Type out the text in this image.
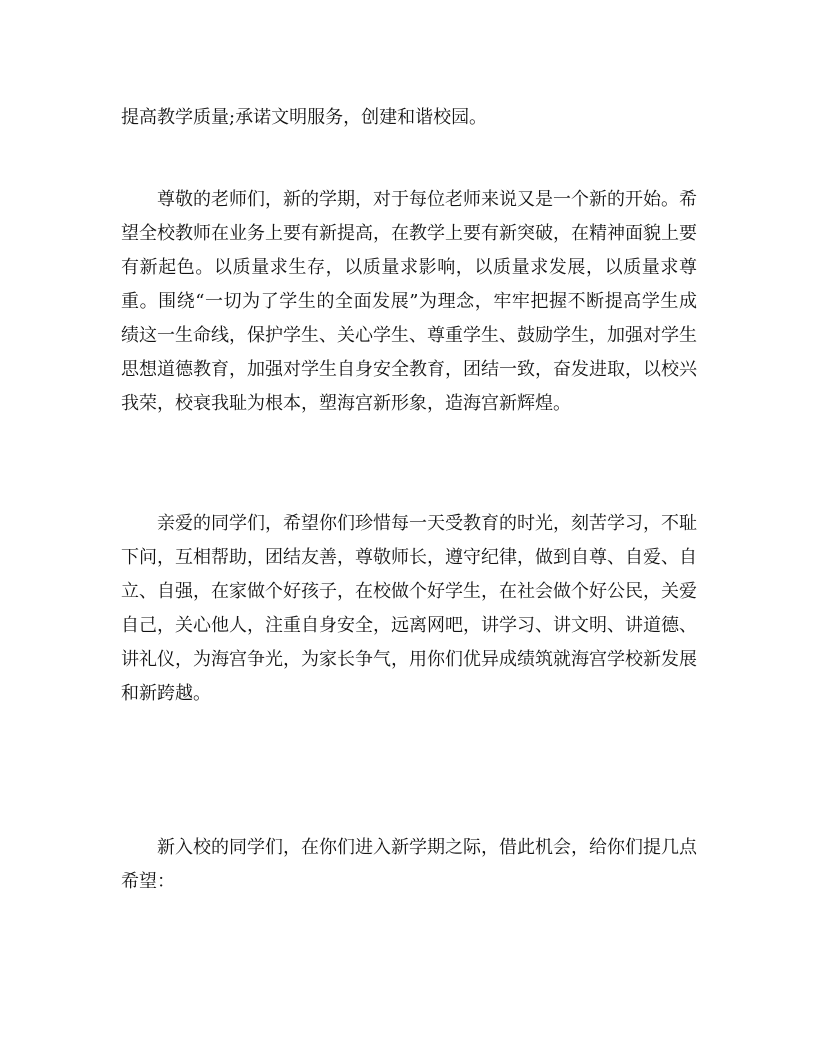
提高教学质量;承诺文明服务，创建和谐校园。

尊敬的老师们，新的学期，对于每位老师来说又是一个新的开始。希望全校教师在业务上要有新提高，在教学上要有新突破，在精神面貌上要有新起色。以质量求生存，以质量求影响，以质量求发展，以质量求尊重。围绕“一切为了学生的全面发展”为理念，牢牢把握不断提高学生成绩这一生命线，保护学生、关心学生、尊重学生、鼓励学生，加强对学生思想道德教育，加强对学生自身安全教育，团结一致，奋发进取，以校兴我荣，校衰我耻为根本，塑海宫新形象，造海宫新辉煌。

亲爱的同学们，希望你们珍惜每一天受教育的时光，刻苦学习，不耻下问，互相帮助，团结友善，尊敬师长，遵守纪律，做到自尊、自爱、自立、自强，在家做个好孩子，在校做个好学生，在社会做个好公民，关爱自己，关心他人，注重自身安全，远离网吧，讲学习、讲文明、讲道德、讲礼仪，为海宫争光，为家长争气，用你们优异成绩筑就海宫学校新发展和新跨越。

新入校的同学们，在你们进入新学期之际，借此机会，给你们提几点希望：
